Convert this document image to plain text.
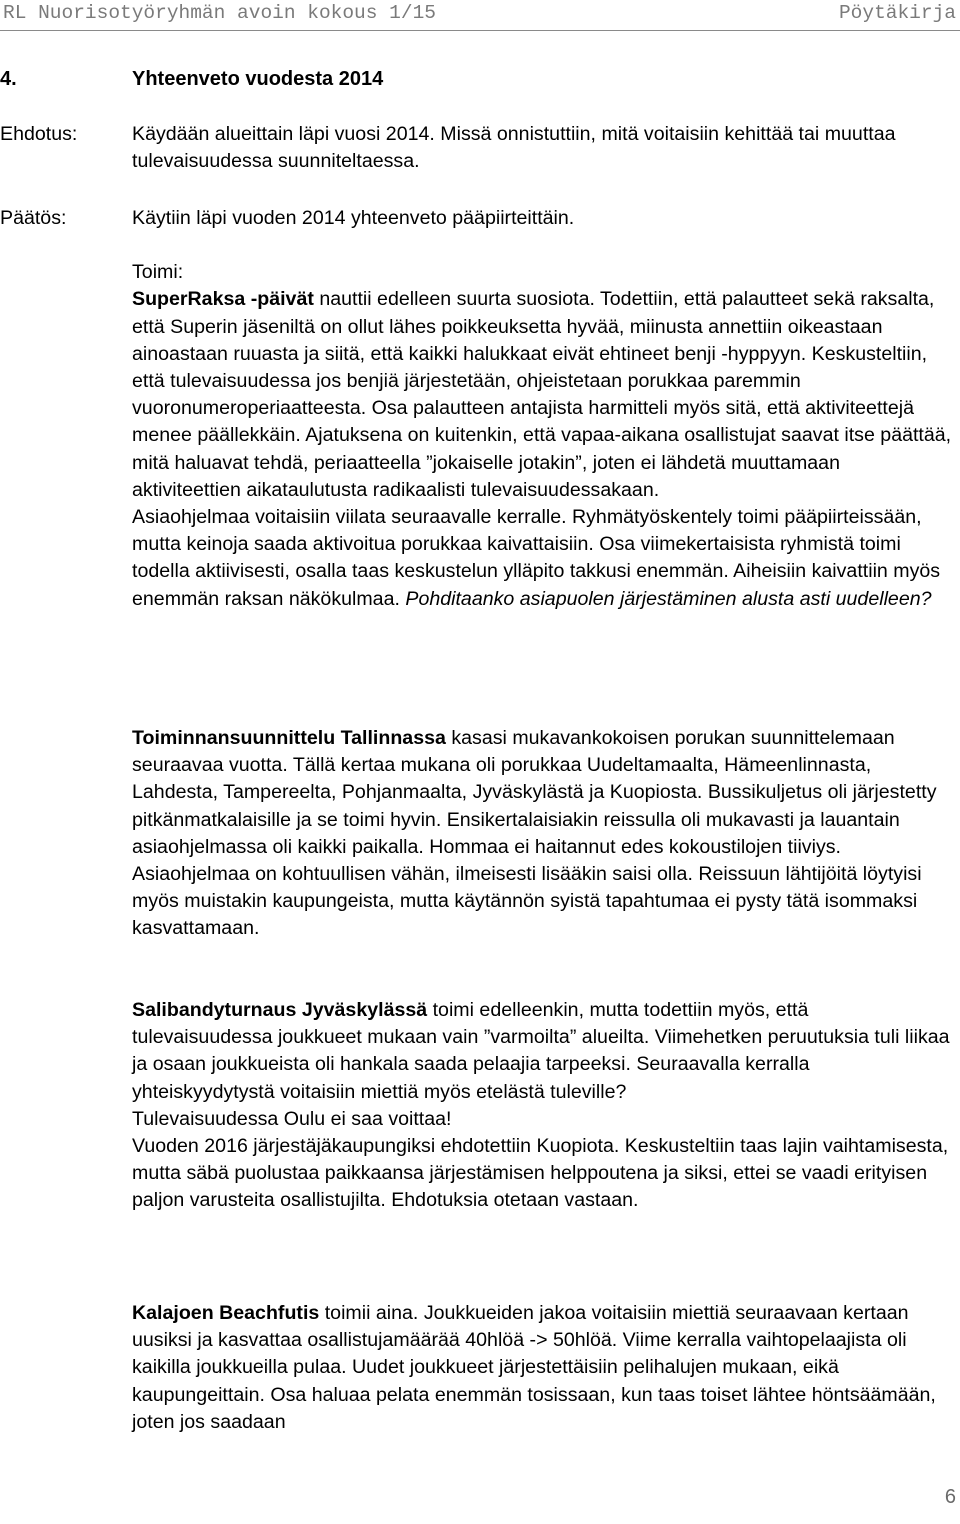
RL Nuorisotyöryhmän avoin kokous 1/15	Pöytäkirja
4.	Yhteenveto vuodesta 2014
Ehdotus:	Käydään alueittain läpi vuosi 2014. Missä onnistuttiin, mitä voitaisiin kehittää tai muuttaa tulevaisuudessa suunniteltaessa.
Päätös:	Käytiin läpi vuoden 2014 yhteenveto pääpiirteittäin.

Toimi:

SuperRaksa -päivät nauttii edelleen suurta suosiota. Todettiin, että palautteet sekä raksalta, että Superin jäseniltä on ollut lähes poikkeuksetta hyvää, miinusta annettiin oikeastaan ainoastaan ruuasta ja siitä, että kaikki halukkaat eivät ehtineet benji -hyppyyn. Keskusteltiin, että tulevaisuudessa jos benjiä järjestetään, ohjeistetaan porukkaa paremmin vuoronumeroperiaatteesta. Osa palautteen antajista harmitteli myös sitä, että aktiviteettejä menee päällekkäin. Ajatuksena on kuitenkin, että vapaa-aikana osallistujat saavat itse päättää, mitä haluavat tehdä, periaatteella ”jokaiselle jotakin”, joten ei lähdetä muuttamaan aktiviteettien aikataulutusta radikaalisti tulevaisuudessakaan.

Asiaohjelmaa voitaisiin viilata seuraavalle kerralle. Ryhmätyöskentely toimi pääpiirteissään, mutta keinoja saada aktivoitua porukkaa kaivattaisiin. Osa viimekertaisista ryhmistä toimi todella aktiivisesti, osalla taas keskustelun ylläpito takkusi enemmän. Aiheisiin kaivattiin myös enemmän raksan näkökulmaa. Pohditaanko asiapuolen järjestäminen alusta asti uudelleen?

Toiminnansuunnittelu Tallinnassa kasasi mukavankokoisen porukan suunnittelemaan seuraavaa vuotta. Tällä kertaa mukana oli porukkaa Uudeltamaalta, Hämeenlinnasta, Lahdesta, Tampereelta, Pohjanmaalta, Jyväskylästä ja Kuopiosta. Bussikuljetus oli järjestetty pitkänmatkalaisille ja se toimi hyvin. Ensikertalaisiakin reissulla oli mukavasti ja lauantain asiaohjelmassa oli kaikki paikalla. Hommaa ei haitannut edes kokoustilojen tiiviys. Asiaohjelmaa on kohtuullisen vähän, ilmeisesti lisääkin saisi olla. Reissuun lähtijöitä löytyisi myös muistakin kaupungeista, mutta käytännön syistä tapahtumaa ei pysty tätä isommaksi kasvattamaan.

Salibandyturnaus Jyväskylässä toimi edelleenkin, mutta todettiin myös, että tulevaisuudessa joukkueet mukaan vain ”varmoilta” alueilta. Viimehetken peruutuksia tuli liikaa ja osaan joukkueista oli hankala saada pelaajia tarpeeksi. Seuraavalla kerralla yhteiskyydytystä voitaisiin miettiä myös etelästä tuleville?

Tulevaisuudessa Oulu ei saa voittaa!

Vuoden 2016 järjestäjäkaupungiksi ehdotettiin Kuopiota. Keskusteltiin taas lajin vaihtamisesta, mutta säbä puolustaa paikkaansa järjestämisen helppoutena ja siksi, ettei se vaadi erityisen paljon varusteita osallistujilta. Ehdotuksia otetaan vastaan.

Kalajoen Beachfutis toimii aina. Joukkueiden jakoa voitaisiin miettiä seuraavaan kertaan uusiksi ja kasvattaa osallistujamäärää 40hlöä -> 50hlöä. Viime kerralla vaihtopelaajista oli kaikilla joukkueilla pulaa. Uudet joukkueet järjestettäisiin pelihalujen mukaan, eikä kaupungeittain. Osa haluaa pelata enemmän tosissaan, kun taas toiset lähtee höntsäämään, joten jos saadaan

6
